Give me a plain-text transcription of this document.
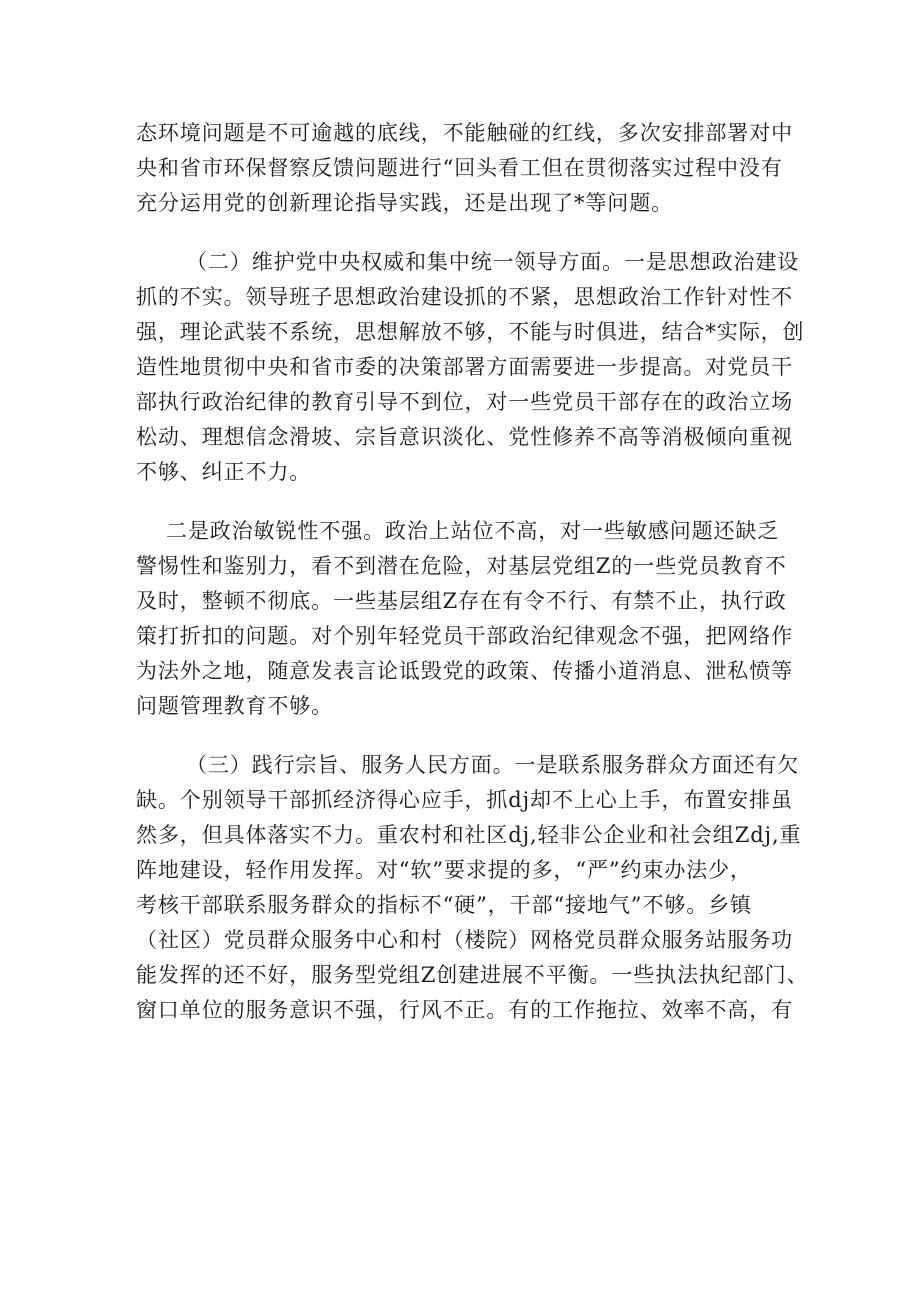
态环境问题是不可逾越的底线，不能触碰的红线，多次安排部署对中
央和省市环保督察反馈问题进行“回头看工但在贯彻落实过程中没有
充分运用党的创新理论指导实践，还是出现了*等问题。
（二）维护党中央权威和集中统一领导方面。一是思想政治建设
抓的不实。领导班子思想政治建设抓的不紧，思想政治工作针对性不
强，理论武装不系统，思想解放不够，不能与时俱进，结合*实际，创
造性地贯彻中央和省市委的决策部署方面需要进一步提高。对党员干
部执行政治纪律的教育引导不到位，对一些党员干部存在的政治立场
松动、理想信念滑坡、宗旨意识淡化、党性修养不高等消极倾向重视
不够、纠正不力。
二是政治敏锐性不强。政治上站位不高，对一些敏感问题还缺乏
警惕性和鉴别力，看不到潜在危险，对基层党组Z的一些党员教育不
及时，整顿不彻底。一些基层组Z存在有令不行、有禁不止，执行政
策打折扣的问题。对个别年轻党员干部政治纪律观念不强，把网络作
为法外之地，随意发表言论诋毁党的政策、传播小道消息、泄私愤等
问题管理教育不够。
（三）践行宗旨、服务人民方面。一是联系服务群众方面还有欠
缺。个别领导干部抓经济得心应手，抓dj却不上心上手，布置安排虽
然多，但具体落实不力。重农村和社区dj,轻非公企业和社会组Zdj,重
阵地建设，轻作用发挥。对“软”要求提的多，“严”约束办法少，
考核干部联系服务群众的指标不“硬”，干部“接地气”不够。乡镇
（社区）党员群众服务中心和村（楼院）网格党员群众服务站服务功
能发挥的还不好，服务型党组Z创建进展不平衡。一些执法执纪部门、
窗口单位的服务意识不强，行风不正。有的工作拖拉、效率不高，有
